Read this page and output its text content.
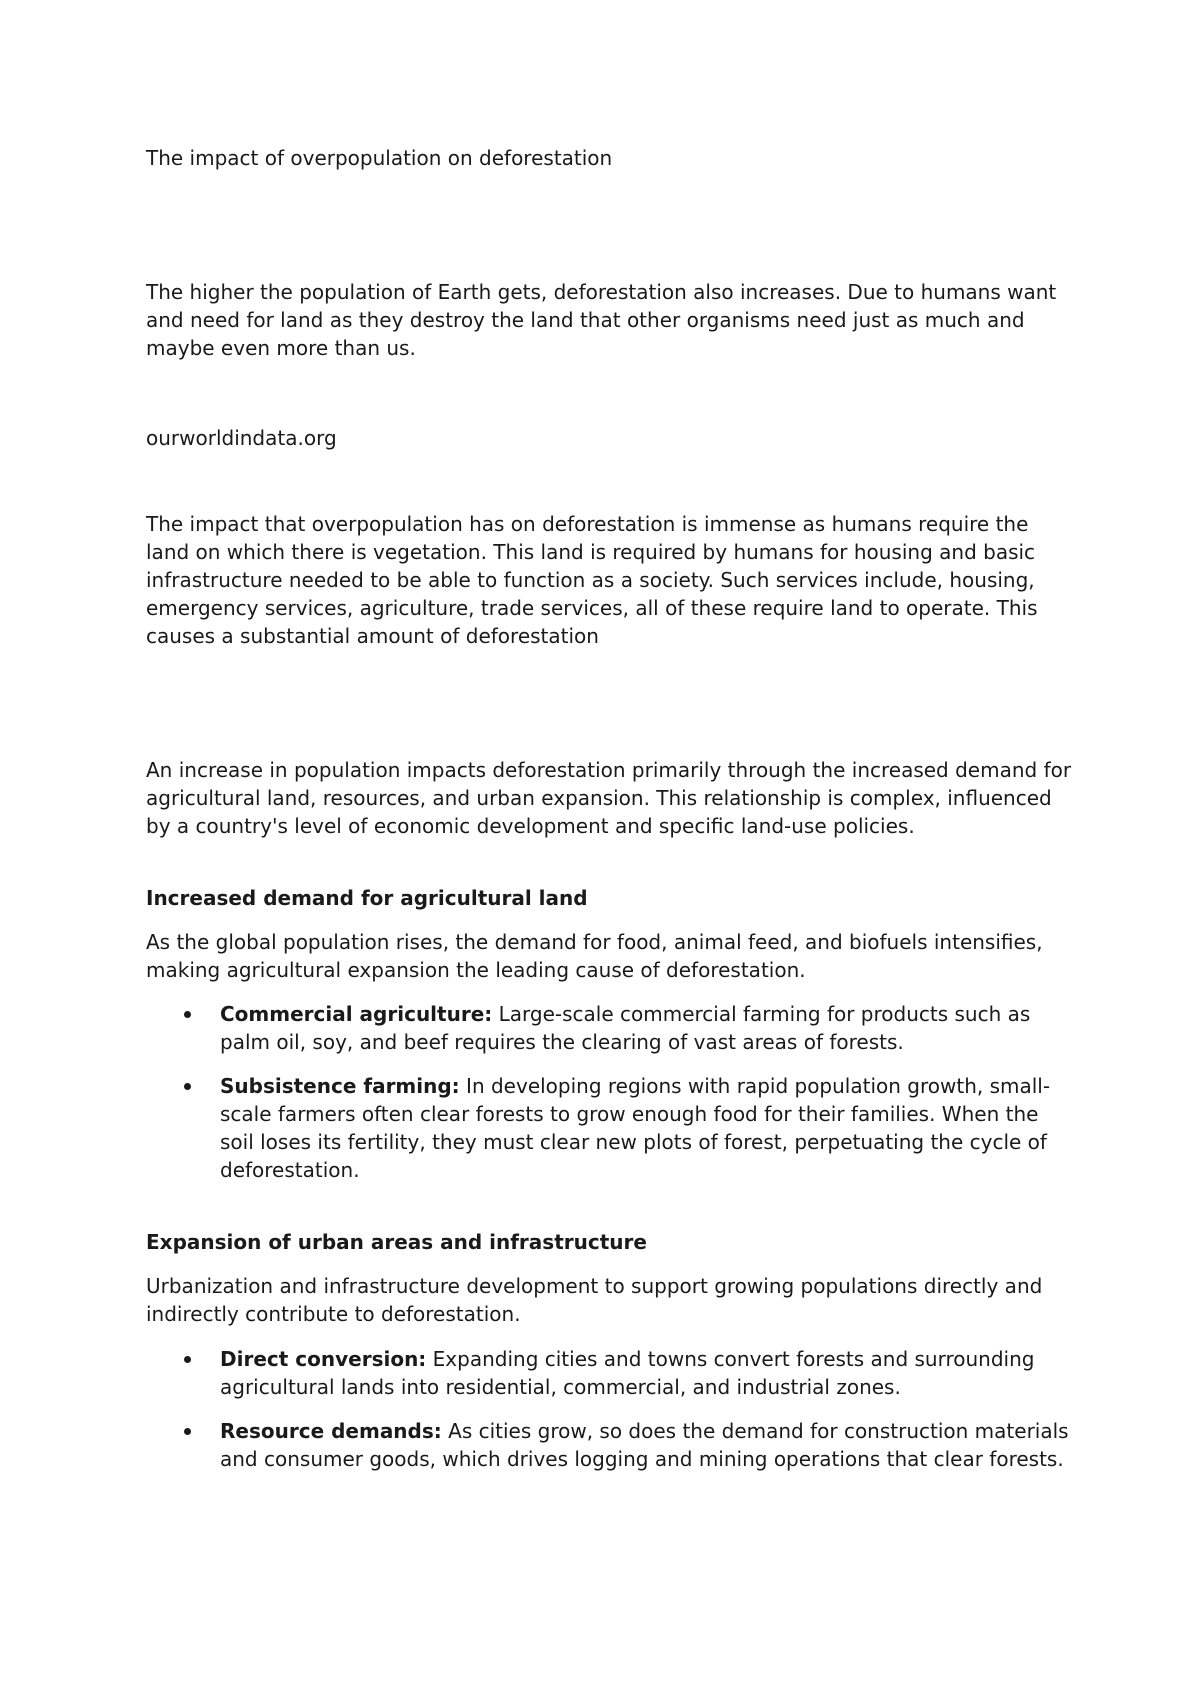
The impact of overpopulation on deforestation

The higher the population of Earth gets, deforestation also increases. Due to humans want and need for land as they destroy the land that other organisms need just as much and maybe even more than us.

ourworldindata.org

The impact that overpopulation has on deforestation is immense as humans require the land on which there is vegetation. This land is required by humans for housing and basic infrastructure needed to be able to function as a society. Such services include, housing, emergency services, agriculture, trade services, all of these require land to operate. This causes a substantial amount of deforestation

An increase in population impacts deforestation primarily through the increased demand for agricultural land, resources, and urban expansion. This relationship is complex, influenced by a country's level of economic development and specific land-use policies.

Increased demand for agricultural land

As the global population rises, the demand for food, animal feed, and biofuels intensifies, making agricultural expansion the leading cause of deforestation.

Commercial agriculture: Large-scale commercial farming for products such as palm oil, soy, and beef requires the clearing of vast areas of forests.
Subsistence farming: In developing regions with rapid population growth, small-scale farmers often clear forests to grow enough food for their families. When the soil loses its fertility, they must clear new plots of forest, perpetuating the cycle of deforestation.

Expansion of urban areas and infrastructure

Urbanization and infrastructure development to support growing populations directly and indirectly contribute to deforestation.

Direct conversion: Expanding cities and towns convert forests and surrounding agricultural lands into residential, commercial, and industrial zones.
Resource demands: As cities grow, so does the demand for construction materials and consumer goods, which drives logging and mining operations that clear forests.
